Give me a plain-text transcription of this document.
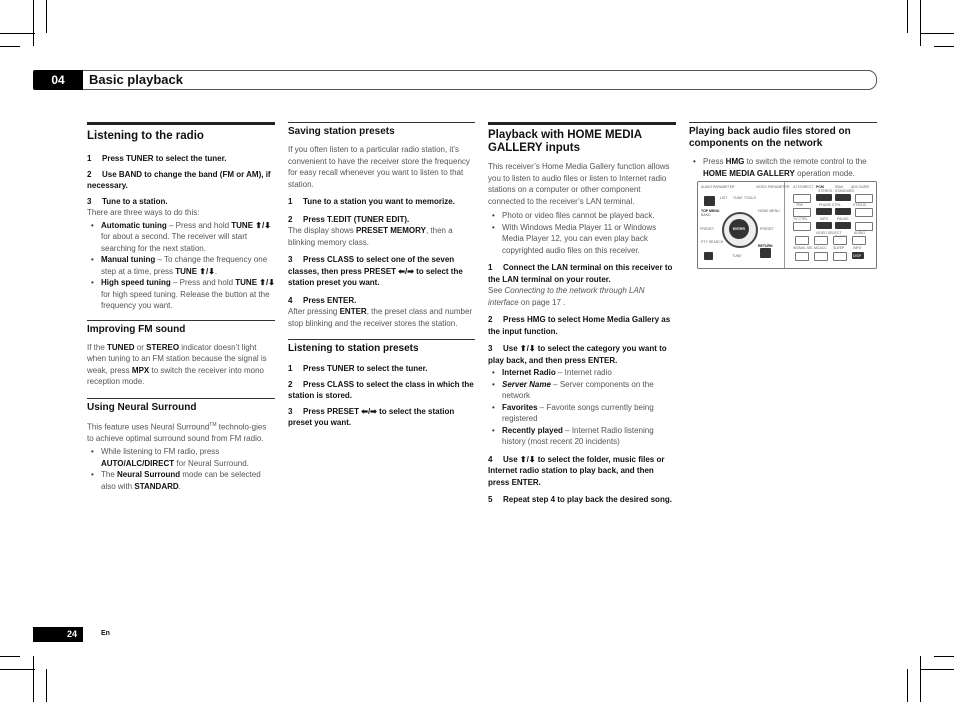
04	Basic playback
Listening to the radio

1 Press TUNER to select the tuner.

2 Use BAND to change the band (FM or AM), if necessary.

3 Tune to a station.

There are three ways to do this:

• Automatic tuning – Press and hold TUNE ⬆/⬇ for about a second. The receiver will start searching for the next station.
• Manual tuning – To change the frequency one step at a time, press TUNE ⬆/⬇.
• High speed tuning – Press and hold TUNE ⬆/⬇ for high speed tuning. Release the button at the frequency you want.
Improving FM sound

If the TUNED or STEREO indicator doesn’t light when tuning to an FM station because the signal is weak, press MPX to switch the receiver into mono reception mode.

Using Neural Surround

This feature uses Neural Surround™ technolo-gies to achieve optimal surround sound from FM radio.

• While listening to FM radio, press AUTO/ALC/DIRECT for Neural Surround.
• The Neural Surround mode can be selected also with STANDARD.
Saving station presets

If you often listen to a particular radio station, it’s convenient to have the receiver store the frequency for easy recall whenever you want to listen to that station.

1 Tune to a station you want to memorize.

2 Press T.EDIT (TUNER EDIT).

The display shows PRESET MEMORY, then a blinking memory class.

3 Press CLASS to select one of the seven classes, then press PRESET ⬅/➡ to select the station preset you want.

4 Press ENTER.

After pressing ENTER, the preset class and number stop blinking and the receiver stores the station.

Listening to station presets

1 Press TUNER to select the tuner.

2 Press CLASS to select the class in which the station is stored.

3 Press PRESET ⬅/➡ to select the station preset you want.

Playback with HOME MEDIA GALLERY inputs

This receiver’s Home Media Gallery function allows you to listen to audio files or listen to Internet radio stations on a computer or other component connected to the receiver’s LAN terminal.

• Photo or video files cannot be played back.
• With Windows Media Player 11 or Windows Media Player 12, you can even play back copyrighted audio files on this receiver.

1 Connect the LAN terminal on this receiver to the LAN terminal on your router.

See Connecting to the network through LAN interface on page 17 .

2 Press HMG to select Home Media Gallery as the input function.

3 Use ⬆/⬇ to select the category you want to play back, and then press ENTER.

• Internet Radio – Internet radio
• Server Name – Server components on the network
• Favorites – Favorite songs currently being registered
• Recently played – Internet Radio listening history (most recent 20 incidents)

4 Use ⬆/⬇ to select the folder, music files or Internet radio station to play back, and then press ENTER.

5 Repeat step 4 to play back the desired song.

Playing back audio files stored on components on the network
• Press HMG to switch the remote control to the HOME MEDIA GALLERY operation mode.
AUDIO PARAMETER	VIDEO PARAMETER
LIST TUNE TOOLS
TOP MENU
BAND
HOME MENU
PRESET	ENTER	PRESET
PTY SEARCH
TUNE
RETURN
ATT/DIRECT PCM	SBch
STEREO STANDARD
ADV SURR
TRK	PHASE CTRL	STATUS
TV CTRL	INFO PAUSE
VIDEO SELECT	AUDIO
SIGNAL SEL MCACC SLEEP INFO
DISP
24	En
